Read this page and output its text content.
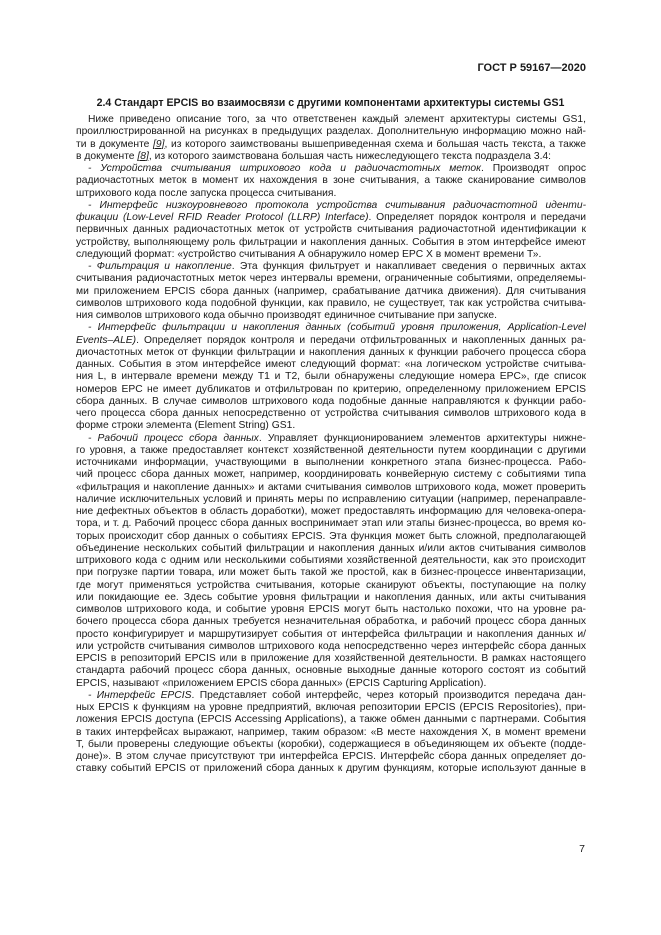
ГОСТ Р 59167—2020
2.4 Стандарт EPCIS во взаимосвязи с другими компонентами архитектуры системы GS1
Ниже приведено описание того, за что ответственен каждый элемент архитектуры системы GS1,
проиллюстрированной на рисунках в предыдущих разделах. Дополнительную информацию можно най-
ти в документе [9], из которого заимствованы вышеприведенная схема и большая часть текста, а также
в документе [8], из которого заимствована большая часть нижеследующего текста подраздела 3.4:
- Устройства считывания штрихового кода и радиочастотных меток. Производят опрос
радиочастотных меток в момент их нахождения в зоне считывания, а также сканирование символов
штрихового кода после запуска процесса считывания.
- Интерфейс низкоуровневого протокола устройства считывания радиочастотной иденти-
фикации (Low-Level RFID Reader Protocol (LLRP) Interface). Определяет порядок контроля и передачи
первичных данных радиочастотных меток от устройств считывания радиочастотной идентификации к
устройству, выполняющему роль фильтрации и накопления данных. События в этом интерфейсе имеют
следующий формат: «устройство считывания А обнаружило номер EPC X в момент времени Т».
- Фильтрация и накопление. Эта функция фильтрует и накапливает сведения о первичных актах
считывания радиочастотных меток через интервалы времени, ограниченные событиями, определяемы-
ми приложением EPCIS сбора данных (например, срабатывание датчика движения). Для считывания
символов штрихового кода подобной функции, как правило, не существует, так как устройства считыва-
ния символов штрихового кода обычно производят единичное считывание при запуске.
- Интерфейс фильтрации и накопления данных (событий уровня приложения, Application-Level
Events–ALE). Определяет порядок контроля и передачи отфильтрованных и накопленных данных ра-
диочастотных меток от функции фильтрации и накопления данных к функции рабочего процесса сбора
данных. События в этом интерфейсе имеют следующий формат: «на логическом устройстве считыва-
ния L, в интервале времени между Т1 и Т2, были обнаружены следующие номера EPC», где список
номеров EPC не имеет дубликатов и отфильтрован по критерию, определенному приложением EPCIS
сбора данных. В случае символов штрихового кода подобные данные направляются к функции рабо-
чего процесса сбора данных непосредственно от устройства считывания символов штрихового кода в
форме строки элемента (Element String) GS1.
- Рабочий процесс сбора данных. Управляет функционированием элементов архитектуры нижне-
го уровня, а также предоставляет контекст хозяйственной деятельности путем координации с другими
источниками информации, участвующими в выполнении конкретного этапа бизнес-процесса. Рабо-
чий процесс сбора данных может, например, координировать конвейерную систему с событиями типа
«фильтрация и накопление данных» и актами считывания символов штрихового кода, может проверить
наличие исключительных условий и принять меры по исправлению ситуации (например, перенаправле-
ние дефектных объектов в область доработки), может предоставлять информацию для человека-опера-
тора, и т. д. Рабочий процесс сбора данных воспринимает этап или этапы бизнес-процесса, во время ко-
торых происходит сбор данных о событиях EPCIS. Эта функция может быть сложной, предполагающей
объединение нескольких событий фильтрации и накопления данных и/или актов считывания символов
штрихового кода с одним или несколькими событиями хозяйственной деятельности, как это происходит
при погрузке партии товара, или может быть такой же простой, как в бизнес-процессе инвентаризации,
где могут применяться устройства считывания, которые сканируют объекты, поступающие на полку
или покидающие ее. Здесь событие уровня фильтрации и накопления данных, или акты считывания
символов штрихового кода, и событие уровня EPCIS могут быть настолько похожи, что на уровне ра-
бочего процесса сбора данных требуется незначительная обработка, и рабочий процесс сбора данных
просто конфигурирует и маршрутизирует события от интерфейса фильтрации и накопления данных и/
или устройств считывания символов штрихового кода непосредственно через интерфейс сбора данных
EPCIS в репозиторий EPCIS или в приложение для хозяйственной деятельности. В рамках настоящего
стандарта рабочий процесс сбора данных, основные выходные данные которого состоят из событий
EPCIS, называют «приложением EPCIS сбора данных» (EPCIS Capturing Application).
- Интерфейс EPCIS. Представляет собой интерфейс, через который производится передача дан-
ных EPCIS к функциям на уровне предприятий, включая репозитории EPCIS (EPCIS Repositories), при-
ложения EPCIS доступа (EPCIS Accessing Applications), а также обмен данными с партнерами. События
в таких интерфейсах выражают, например, таким образом: «В месте нахождения X, в момент времени
Т, были проверены следующие объекты (коробки), содержащиеся в объединяющем их объекте (подде-
доне)». В этом случае присутствуют три интерфейса EPCIS. Интерфейс сбора данных определяет до-
ставку событий EPCIS от приложений сбора данных к другим функциям, которые используют данные в
7
